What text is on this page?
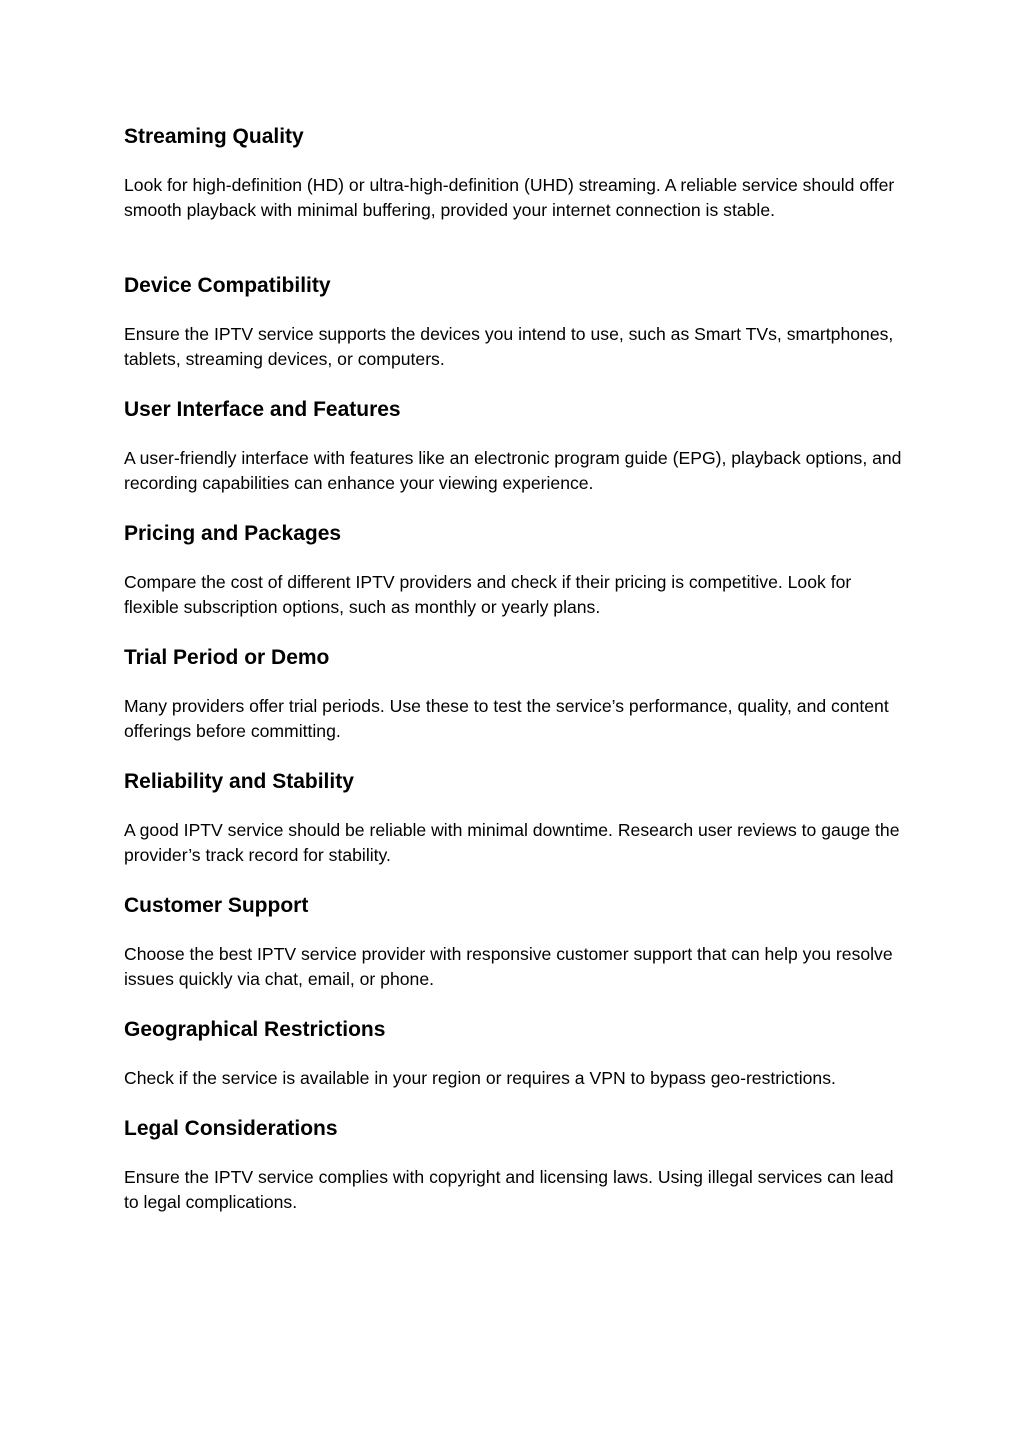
Streaming Quality

Look for high-definition (HD) or ultra-high-definition (UHD) streaming. A reliable service should offer smooth playback with minimal buffering, provided your internet connection is stable.

Device Compatibility

Ensure the IPTV service supports the devices you intend to use, such as Smart TVs, smartphones, tablets, streaming devices, or computers.

User Interface and Features

A user-friendly interface with features like an electronic program guide (EPG), playback options, and recording capabilities can enhance your viewing experience.

Pricing and Packages

Compare the cost of different IPTV providers and check if their pricing is competitive. Look for flexible subscription options, such as monthly or yearly plans.

Trial Period or Demo

Many providers offer trial periods. Use these to test the service’s performance, quality, and content offerings before committing.

Reliability and Stability

A good IPTV service should be reliable with minimal downtime. Research user reviews to gauge the provider’s track record for stability.

Customer Support

Choose the best IPTV service provider with responsive customer support that can help you resolve issues quickly via chat, email, or phone.

Geographical Restrictions

Check if the service is available in your region or requires a VPN to bypass geo-restrictions.

Legal Considerations

Ensure the IPTV service complies with copyright and licensing laws. Using illegal services can lead to legal complications.
